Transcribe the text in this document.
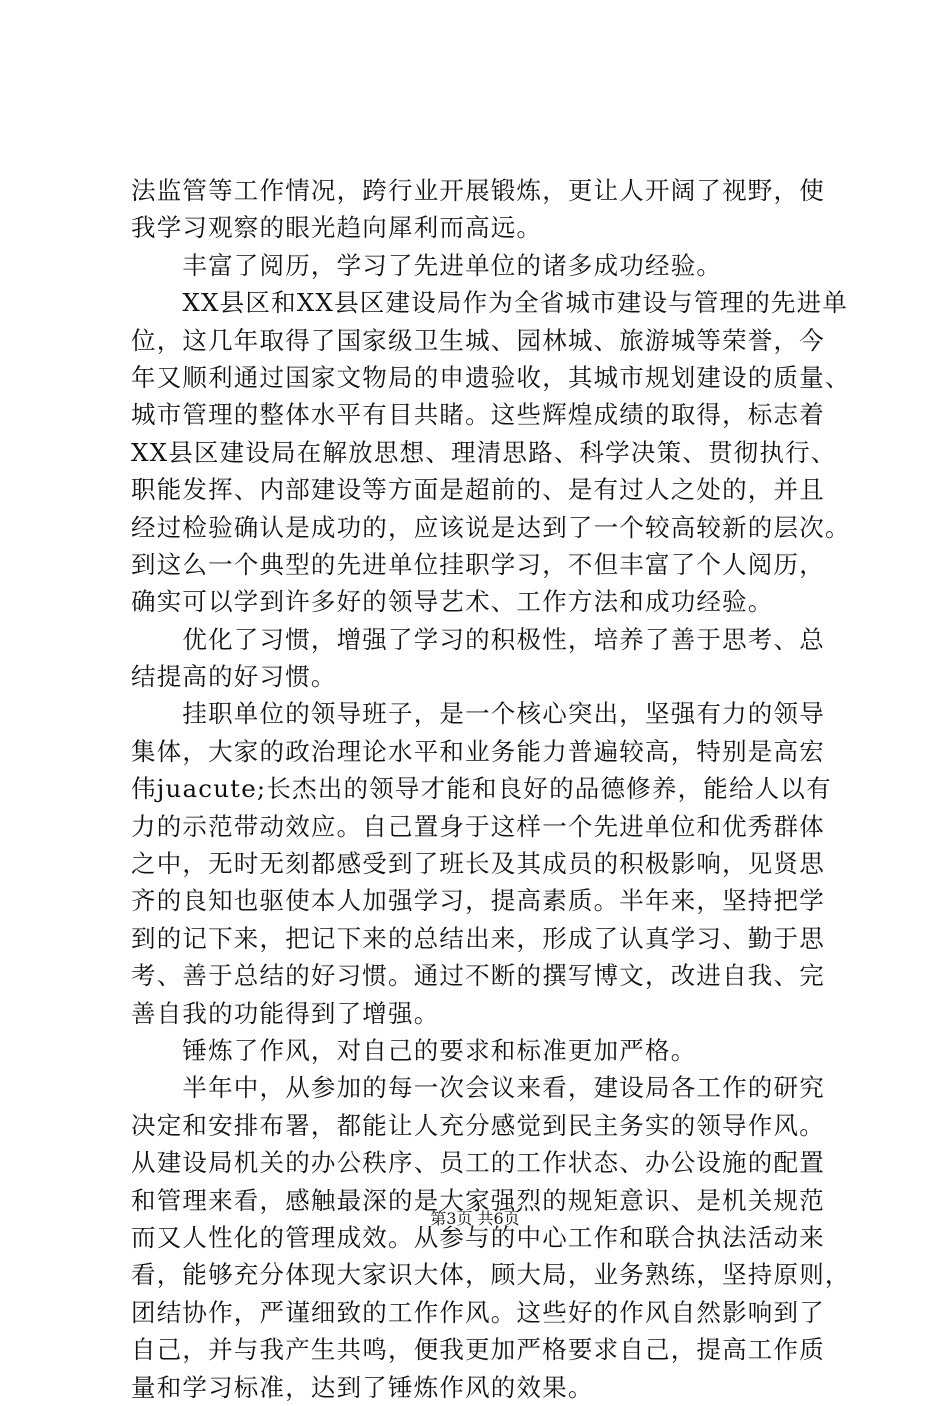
法监管等工作情况，跨行业开展锻炼，更让人开阔了视野，使
我学习观察的眼光趋向犀利而高远。
　　丰富了阅历，学习了先进单位的诸多成功经验。
　　XX县区和XX县区建设局作为全省城市建设与管理的先进单
位，这几年取得了国家级卫生城、园林城、旅游城等荣誉，今
年又顺利通过国家文物局的申遗验收，其城市规划建设的质量、
城市管理的整体水平有目共睹。这些辉煌成绩的取得，标志着
XX县区建设局在解放思想、理清思路、科学决策、贯彻执行、
职能发挥、内部建设等方面是超前的、是有过人之处的，并且
经过检验确认是成功的，应该说是达到了一个较高较新的层次。
到这么一个典型的先进单位挂职学习，不但丰富了个人阅历，
确实可以学到许多好的领导艺术、工作方法和成功经验。
　　优化了习惯，增强了学习的积极性，培养了善于思考、总
结提高的好习惯。
　　挂职单位的领导班子，是一个核心突出，坚强有力的领导
集体，大家的政治理论水平和业务能力普遍较高，特别是高宏
伟juacute;长杰出的领导才能和良好的品德修养，能给人以有
力的示范带动效应。自己置身于这样一个先进单位和优秀群体
之中，无时无刻都感受到了班长及其成员的积极影响，见贤思
齐的良知也驱使本人加强学习，提高素质。半年来，坚持把学
到的记下来，把记下来的总结出来，形成了认真学习、勤于思
考、善于总结的好习惯。通过不断的撰写博文，改进自我、完
善自我的功能得到了增强。
　　锤炼了作风，对自己的要求和标准更加严格。
　　半年中，从参加的每一次会议来看，建设局各工作的研究
决定和安排布署，都能让人充分感觉到民主务实的领导作风。
从建设局机关的办公秩序、员工的工作状态、办公设施的配置
和管理来看，感触最深的是大家强烈的规矩意识、是机关规范
而又人性化的管理成效。从参与的中心工作和联合执法活动来
看，能够充分体现大家识大体，顾大局，业务熟练，坚持原则，
团结协作，严谨细致的工作作风。这些好的作风自然影响到了
自己，并与我产生共鸣，便我更加严格要求自己，提高工作质
量和学习标准，达到了锤炼作风的效果。
第3页 共6页
